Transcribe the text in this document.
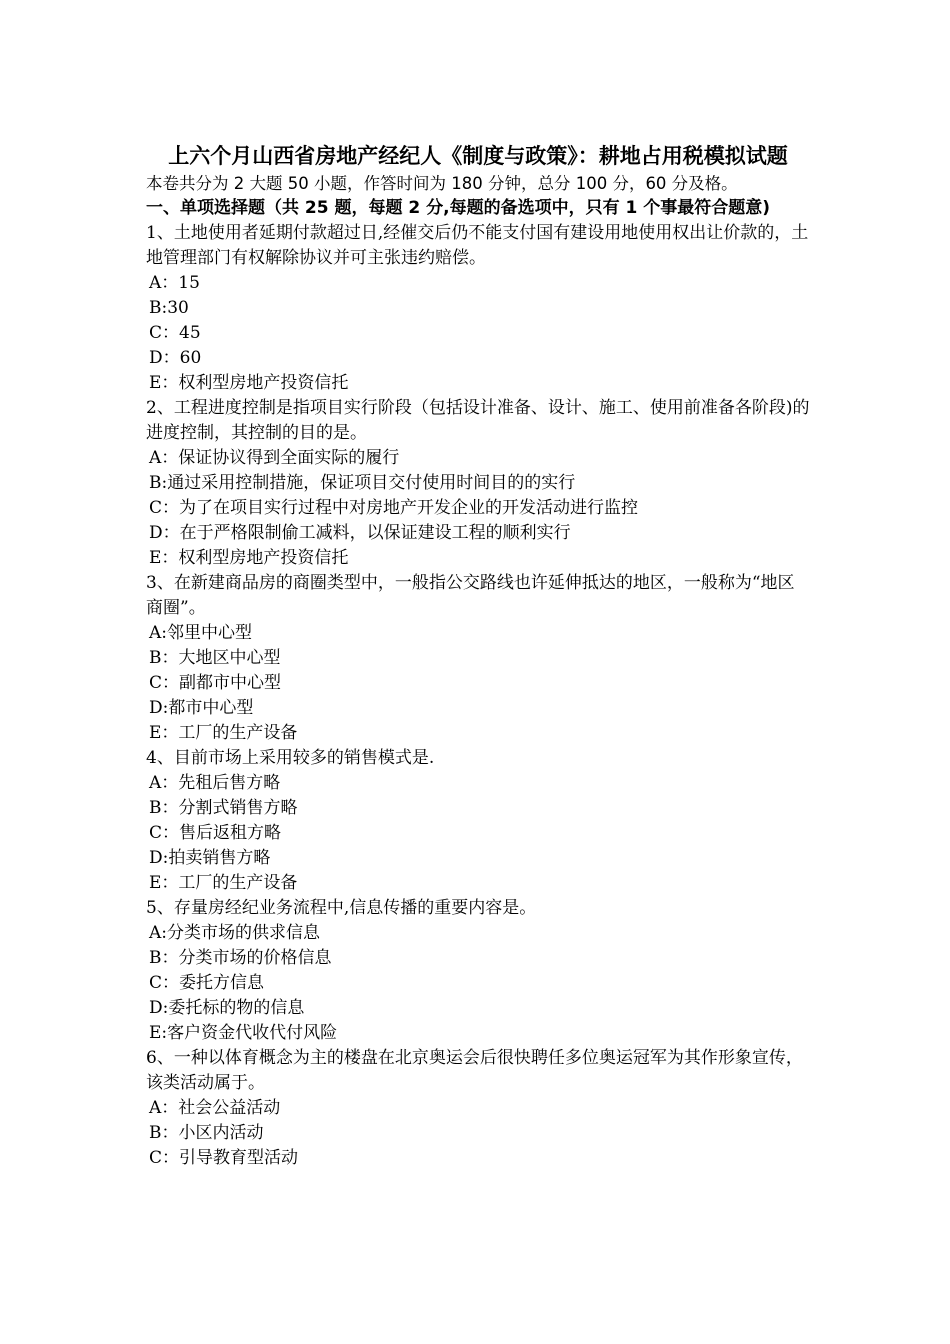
上六个月山西省房地产经纪人《制度与政策》：耕地占用税模拟试题

本卷共分为 2 大题 50 小题，作答时间为 180 分钟，总分 100 分，60 分及格。

一、单项选择题（共 25 题，每题 2 分,每题的备选项中，只有 1 个事最符合题意)

1、土地使用者延期付款超过日,经催交后仍不能支付国有建设用地使用权出让价款的，土地管理部门有权解除协议并可主张违约赔偿。

A：15

B:30

C：45

D：60

E：权利型房地产投资信托

2、工程进度控制是指项目实行阶段（包括设计准备、设计、施工、使用前准备各阶段)的进度控制，其控制的目的是。

A：保证协议得到全面实际的履行

B:通过采用控制措施，保证项目交付使用时间目的的实行

C：为了在项目实行过程中对房地产开发企业的开发活动进行监控

D：在于严格限制偷工减料，以保证建设工程的顺利实行

E：权利型房地产投资信托

3、在新建商品房的商圈类型中，一般指公交路线也许延伸抵达的地区，一般称为“地区商圈”。

A:邻里中心型

B：大地区中心型

C：副都市中心型

D:都市中心型

E：工厂的生产设备

4、目前市场上采用较多的销售模式是.

A：先租后售方略

B：分割式销售方略

C：售后返租方略

D:拍卖销售方略

E：工厂的生产设备

5、存量房经纪业务流程中,信息传播的重要内容是。

A:分类市场的供求信息

B：分类市场的价格信息

C：委托方信息

D:委托标的物的信息

E:客户资金代收代付风险

6、一种以体育概念为主的楼盘在北京奥运会后很快聘任多位奥运冠军为其作形象宣传，该类活动属于。

A：社会公益活动

B：小区内活动

C：引导教育型活动
